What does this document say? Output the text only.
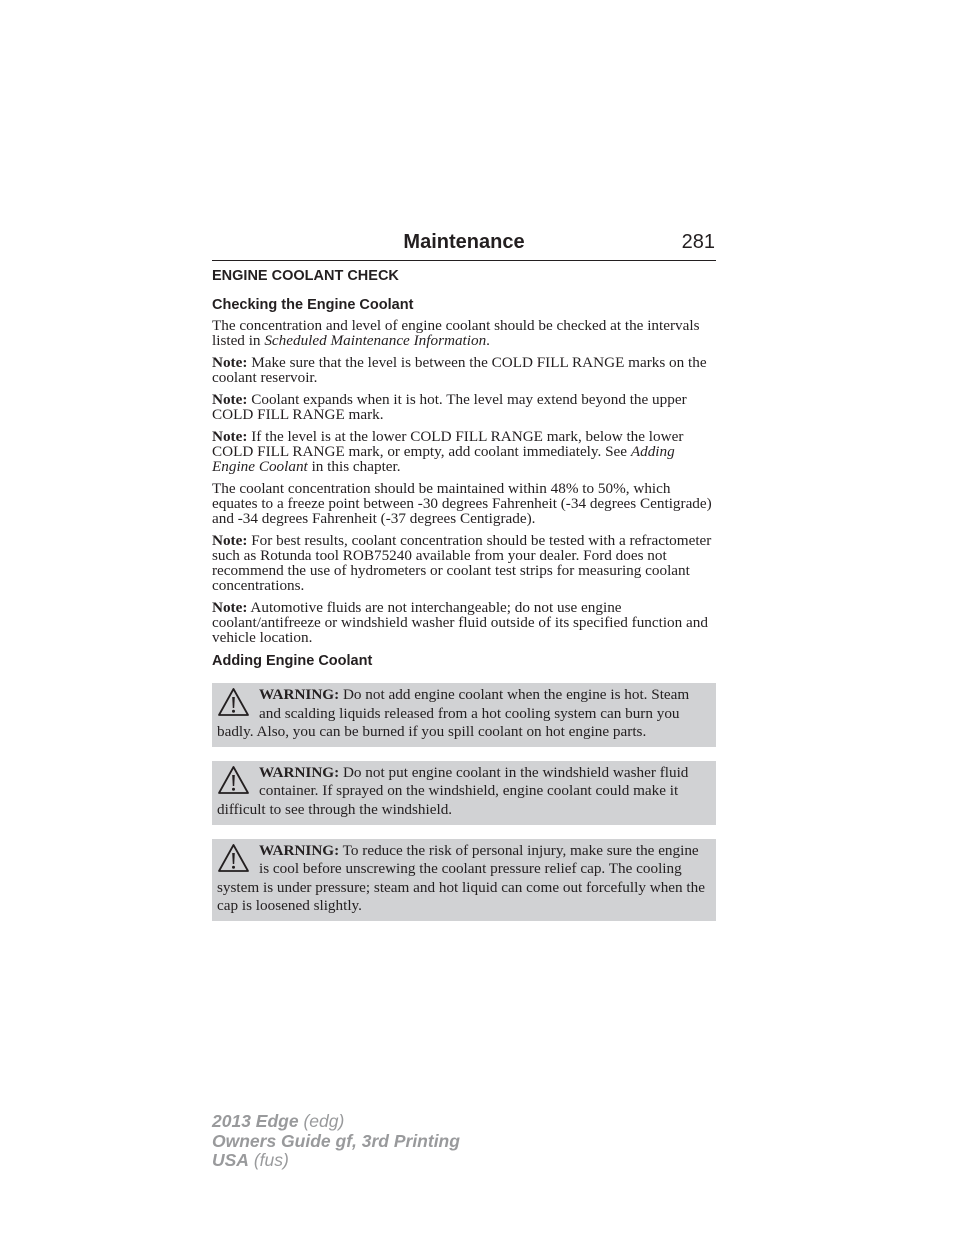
Maintenance	281
ENGINE COOLANT CHECK
Checking the Engine Coolant

The concentration and level of engine coolant should be checked at the intervals listed in Scheduled Maintenance Information.

Note: Make sure that the level is between the COLD FILL RANGE marks on the coolant reservoir.

Note: Coolant expands when it is hot. The level may extend beyond the upper COLD FILL RANGE mark.

Note: If the level is at the lower COLD FILL RANGE mark, below the lower COLD FILL RANGE mark, or empty, add coolant immediately. See Adding Engine Coolant in this chapter.

The coolant concentration should be maintained within 48% to 50%, which equates to a freeze point between -30 degrees Fahrenheit (-34 degrees Centigrade) and -34 degrees Fahrenheit (-37 degrees Centigrade).

Note: For best results, coolant concentration should be tested with a refractometer such as Rotunda tool ROB75240 available from your dealer. Ford does not recommend the use of hydrometers or coolant test strips for measuring coolant concentrations.

Note: Automotive fluids are not interchangeable; do not use engine coolant/antifreeze or windshield washer fluid outside of its specified function and vehicle location.

Adding Engine Coolant
WARNING: Do not add engine coolant when the engine is hot. Steam and scalding liquids released from a hot cooling system can burn you badly. Also, you can be burned if you spill coolant on hot engine parts.
WARNING: Do not put engine coolant in the windshield washer fluid container. If sprayed on the windshield, engine coolant could make it difficult to see through the windshield.
WARNING: To reduce the risk of personal injury, make sure the engine is cool before unscrewing the coolant pressure relief cap. The cooling system is under pressure; steam and hot liquid can come out forcefully when the cap is loosened slightly.
2013 Edge (edg)
Owners Guide gf, 3rd Printing
USA (fus)
